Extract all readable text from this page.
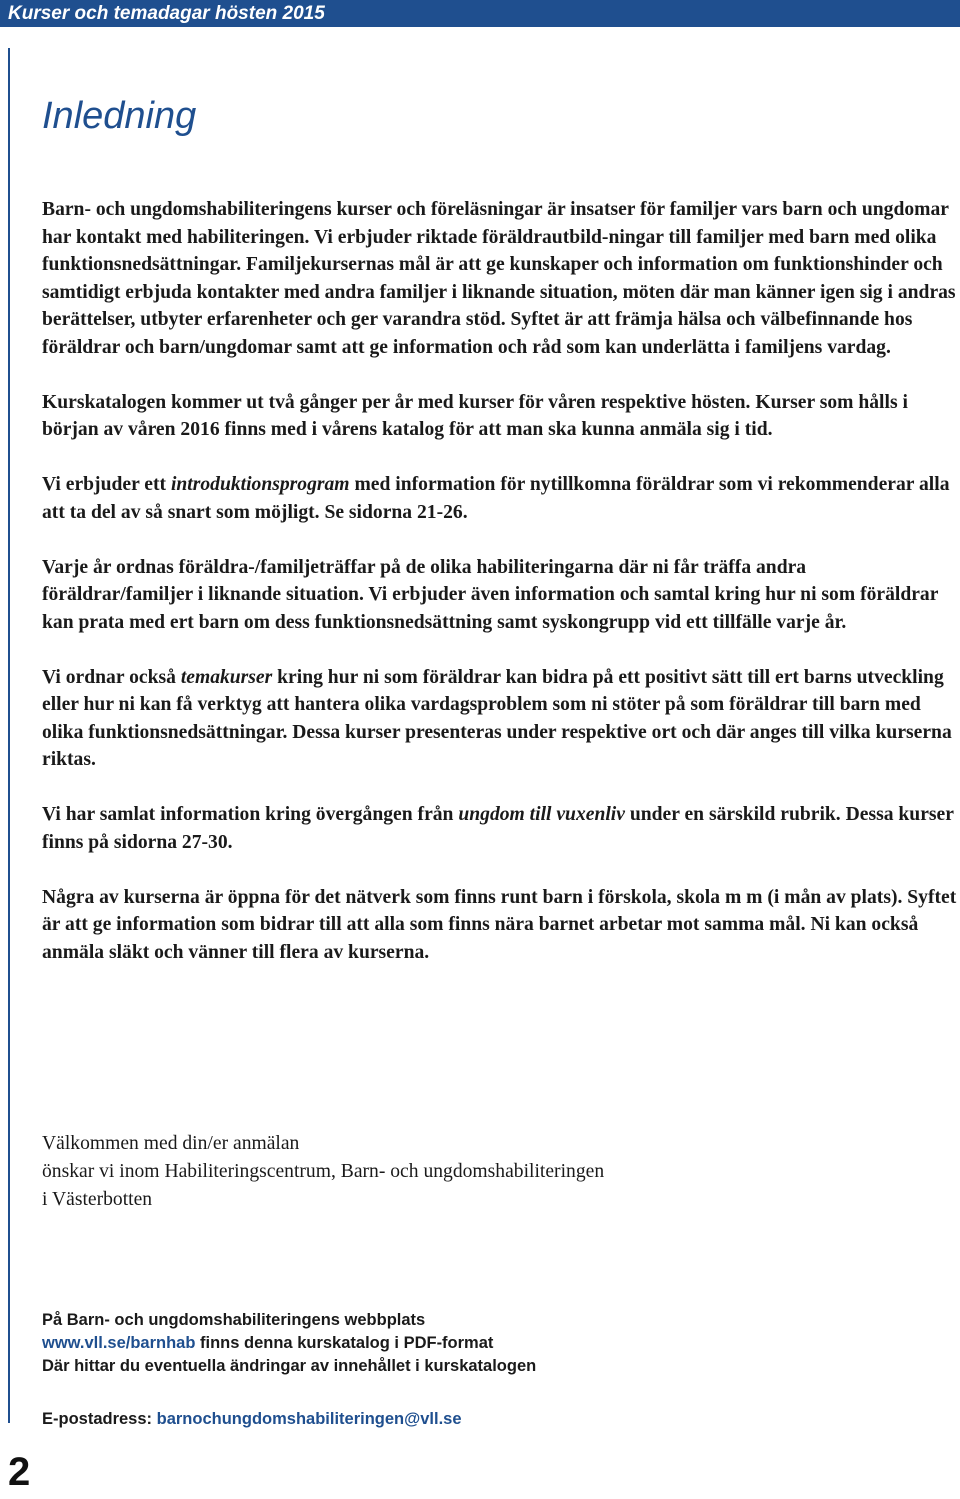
Kurser och temadagar hösten 2015
Inledning

Barn- och ungdomshabiliteringens kurser och föreläsningar är insatser för familjer vars barn och ungdomar har kontakt med habiliteringen. Vi erbjuder riktade föräldrautbild-ningar till familjer med barn med olika funktionsnedsättningar. Familjekursernas mål är att ge kunskaper och information om funktionshinder och samtidigt erbjuda kontakter med andra familjer i liknande situation, möten där man känner igen sig i andras berättelser, utbyter erfarenheter och ger varandra stöd. Syftet är att främja hälsa och välbefinnande hos föräldrar och barn/ungdomar samt att ge information och råd som kan underlätta i familjens vardag.

Kurskatalogen kommer ut två gånger per år med kurser för våren respektive hösten. Kurser som hålls i början av våren 2016 finns med i vårens katalog för att man ska kunna anmäla sig i tid.

Vi erbjuder ett introduktionsprogram med information för nytillkomna föräldrar som vi rekommenderar alla att ta del av så snart som möjligt. Se sidorna 21-26.

Varje år ordnas föräldra-/familjeträffar på de olika habiliteringarna där ni får träffa andra föräldrar/familjer i liknande situation. Vi erbjuder även information och samtal kring hur ni som föräldrar kan prata med ert barn om dess funktionsnedsättning samt syskongrupp vid ett tillfälle varje år.

Vi ordnar också temakurser kring hur ni som föräldrar kan bidra på ett positivt sätt till ert barns utveckling eller hur ni kan få verktyg att hantera olika vardagsproblem som ni stöter på som föräldrar till barn med olika funktionsnedsättningar. Dessa kurser presenteras under respektive ort och där anges till vilka kurserna riktas.

Vi har samlat information kring övergången från ungdom till vuxenliv under en särskild rubrik. Dessa kurser finns på sidorna 27-30.

Några av kurserna är öppna för det nätverk som finns runt barn i förskola, skola m m (i mån av plats). Syftet är att ge information som bidrar till att alla som finns nära barnet arbetar mot samma mål. Ni kan också anmäla släkt och vänner till flera av kurserna.

Välkommen med din/er anmälan
önskar vi inom Habiliteringscentrum, Barn- och ungdomshabiliteringen
i Västerbotten
På Barn- och ungdomshabiliteringens webbplats
www.vll.se/barnhab finns denna kurskatalog i PDF-format
Där hittar du eventuella ändringar av innehållet i kurskatalogen
E-postadress: barnochungdomshabiliteringen@vll.se
2
